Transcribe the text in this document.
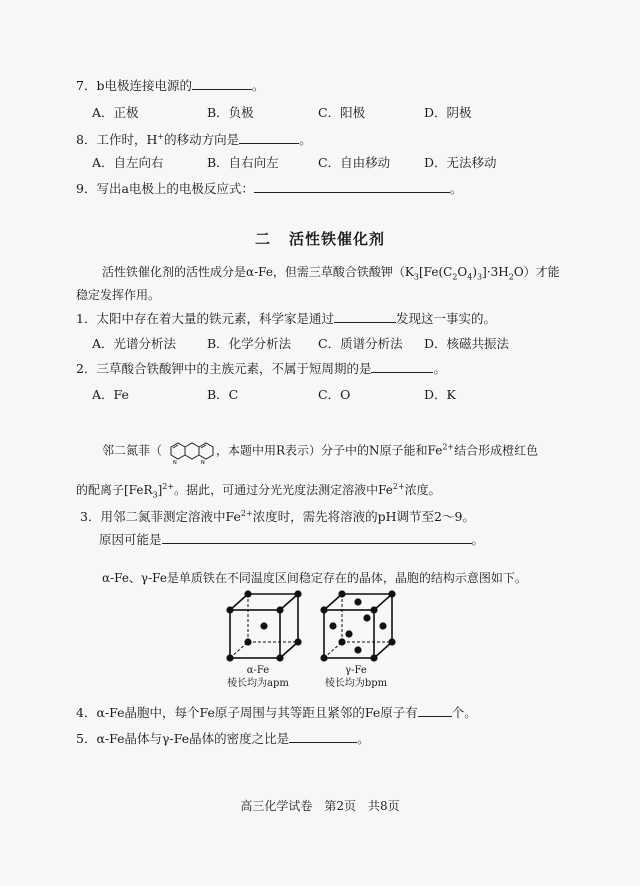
7．b电极连接电源的	。
A．正极	B．负极	C．阳极	D．阴极
8．工作时，H+的移动方向是	。
A．自左向右	B．自右向左	C．自由移动	D．无法移动
9．写出a电极上的电极反应式：	。
二 活性铁催化剂
活性铁催化剂的活性成分是α-Fe，但需三草酸合铁酸钾$(K_3[Fe(C_2O_4)_3]\cdot 3H_2O)$才能
稳定发挥作用。
1．太阳中存在着大量的铁元素，科学家是通过	发现这一事实的。
A．光谱分析法 B．化学分析法 C．质谱分析法 D．核磁共振法
2．三草酸合铁酸钾中的主族元素，不属于短周期的是	。
A．Fe	B．C	C．O	D．K
邻二氮菲（
N	N
，本题中用R表示）分子中的N原子能和$Fe^{2+}$结合形成橙红色
的配离子$[FeR_3]^{2+}$。据此，可通过分光光度法测定溶液中$Fe^{2+}$浓度。
3．用邻二氮菲测定溶液中$Fe^{2+}$浓度时，需先将溶液的pH调节至2～9。
原因可能是	。
α-Fe、γ-Fe是单质铁在不同温度区间稳定存在的晶体，晶胞的结构示意图如下。
α-Fe
棱长均为apm
γ-Fe
棱长均为bpm
4．α-Fe晶胞中，每个Fe原子周围与其等距且紧邻的Fe原子有	个。
5．α-Fe晶体与γ-Fe晶体的密度之比是	。
高三化学试卷　第2页　共8页
